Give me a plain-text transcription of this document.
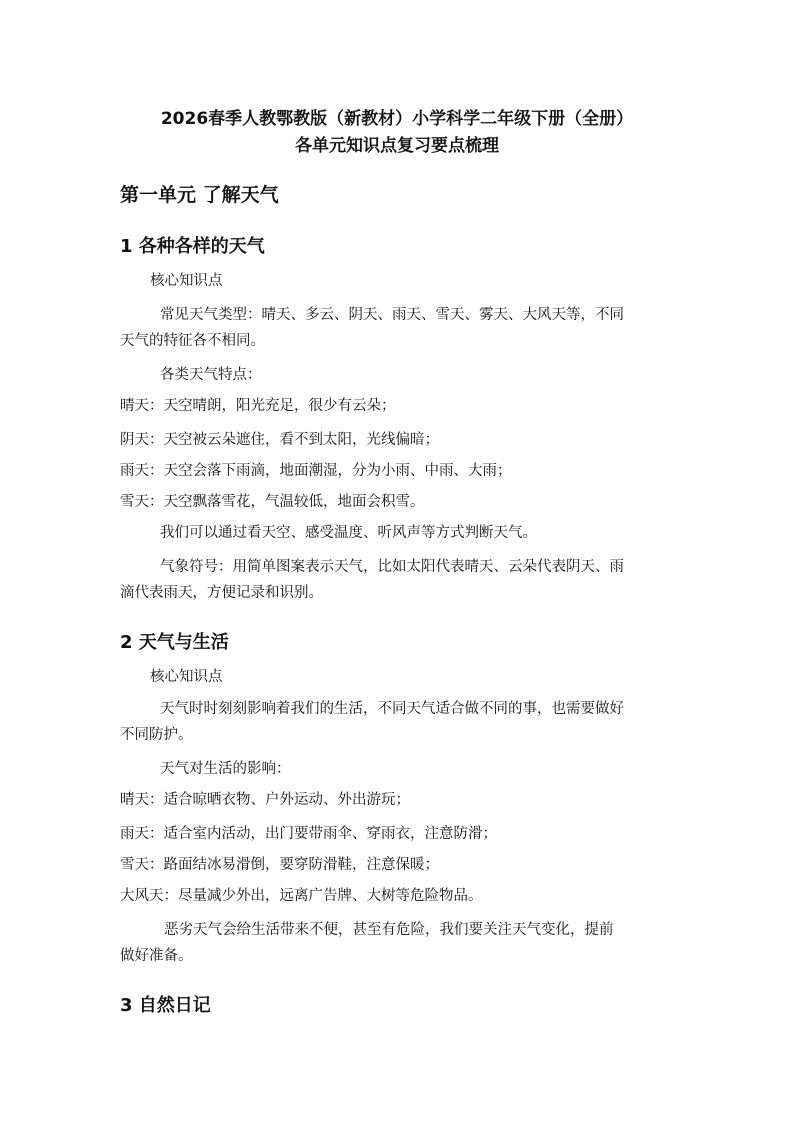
2026春季人教鄂教版（新教材）小学科学二年级下册（全册）
各单元知识点复习要点梳理
第一单元 了解天气
1 各种各样的天气
核心知识点
常见天气类型：晴天、多云、阴天、雨天、雪天、雾天、大风天等，不同
天气的特征各不相同。
各类天气特点：
晴天：天空晴朗，阳光充足，很少有云朵；
阴天：天空被云朵遮住，看不到太阳，光线偏暗；
雨天：天空会落下雨滴，地面潮湿，分为小雨、中雨、大雨；
雪天：天空飘落雪花，气温较低，地面会积雪。
我们可以通过看天空、感受温度、听风声等方式判断天气。
气象符号：用简单图案表示天气，比如太阳代表晴天、云朵代表阴天、雨
滴代表雨天，方便记录和识别。
2 天气与生活
核心知识点
天气时时刻刻影响着我们的生活，不同天气适合做不同的事，也需要做好
不同防护。
天气对生活的影响：
晴天：适合晾晒衣物、户外运动、外出游玩；
雨天：适合室内活动，出门要带雨伞、穿雨衣，注意防滑；
雪天：路面结冰易滑倒，要穿防滑鞋，注意保暖；
大风天：尽量减少外出，远离广告牌、大树等危险物品。
恶劣天气会给生活带来不便，甚至有危险，我们要关注天气变化，提前
做好准备。
3 自然日记
